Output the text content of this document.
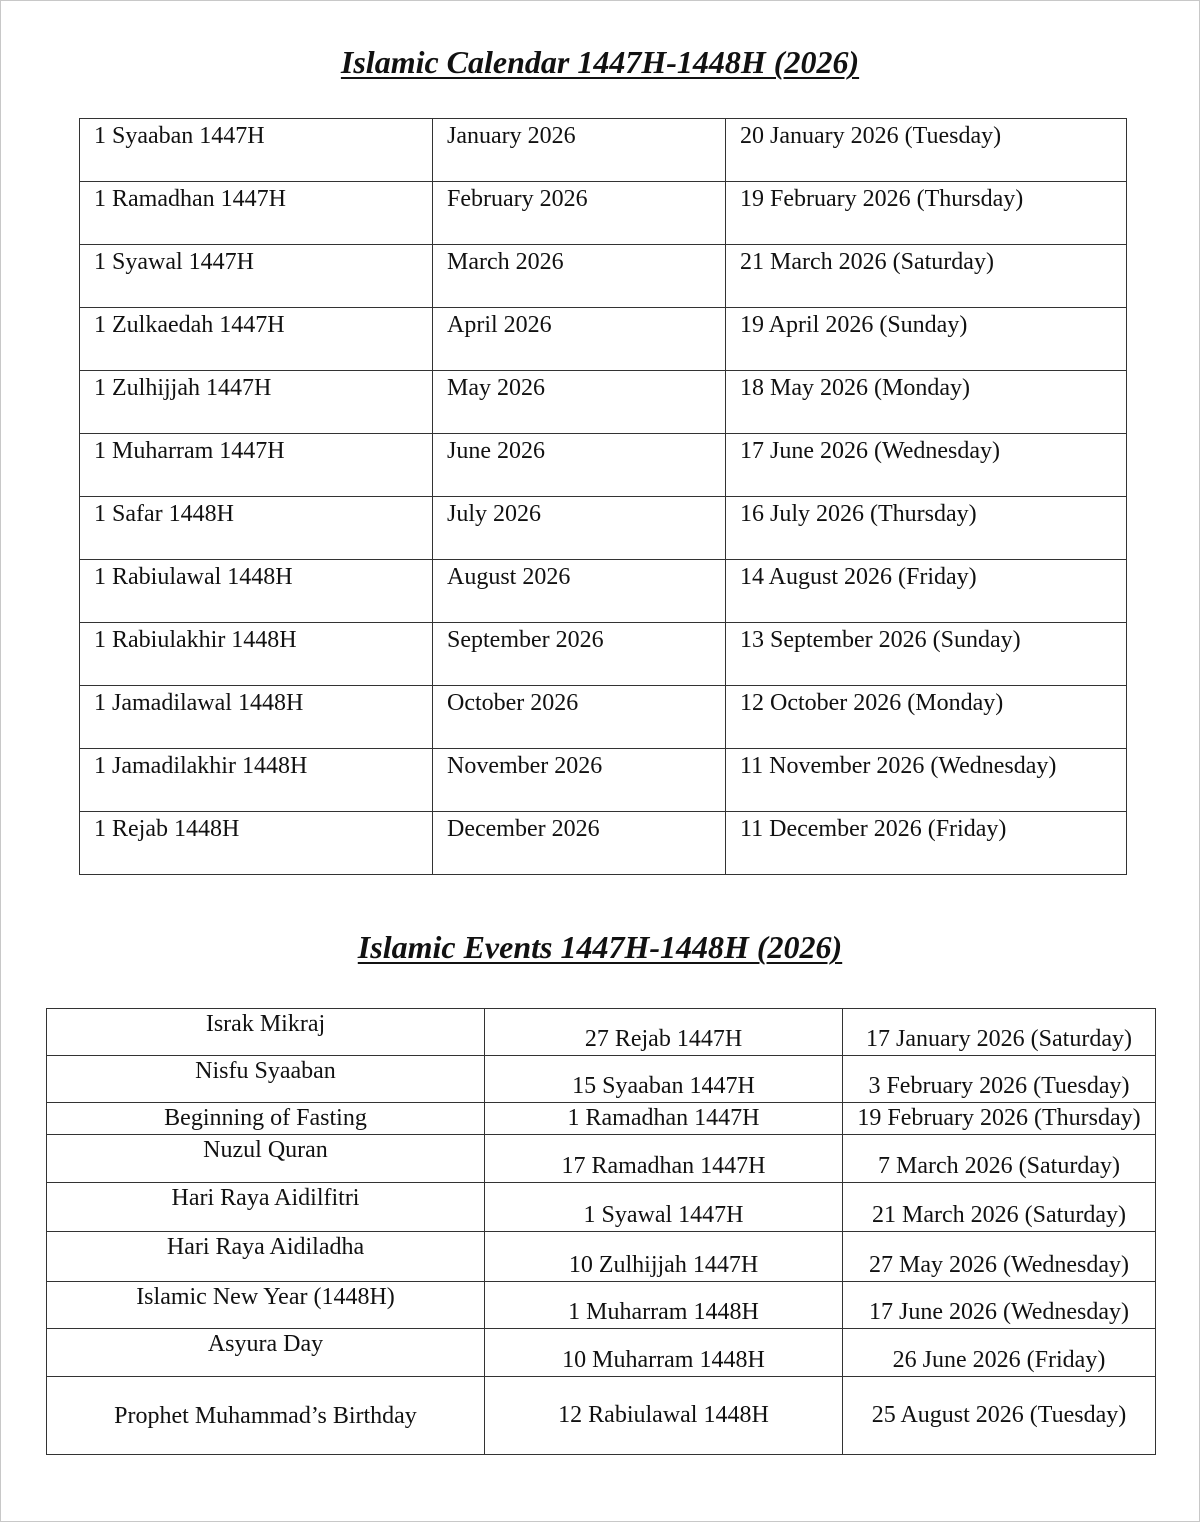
Islamic Calendar 1447H-1448H (2026)
1 Syaaban 1447H	January 2026	20 January 2026 (Tuesday)
1 Ramadhan 1447H	February 2026	19 February 2026 (Thursday)
1 Syawal 1447H	March 2026	21 March 2026 (Saturday)
1 Zulkaedah 1447H	April 2026	19 April 2026 (Sunday)
1 Zulhijjah 1447H	May 2026	18 May 2026 (Monday)
1 Muharram 1447H	June 2026	17 June 2026 (Wednesday)
1 Safar 1448H	July 2026	16 July 2026 (Thursday)
1 Rabiulawal 1448H	August 2026	14 August 2026 (Friday)
1 Rabiulakhir 1448H	September 2026	13 September 2026 (Sunday)
1 Jamadilawal 1448H	October 2026	12 October 2026 (Monday)
1 Jamadilakhir 1448H	November 2026	11 November 2026 (Wednesday)
1 Rejab 1448H	December 2026	11 December 2026 (Friday)
Islamic Events 1447H-1448H (2026)
Israk Mikraj	27 Rejab 1447H	17 January 2026 (Saturday)
Nisfu Syaaban	15 Syaaban 1447H	3 February 2026 (Tuesday)
Beginning of Fasting	1 Ramadhan 1447H	19 February 2026 (Thursday)
Nuzul Quran	17 Ramadhan 1447H	7 March 2026 (Saturday)
Hari Raya Aidilfitri	1 Syawal 1447H	21 March 2026 (Saturday)
Hari Raya Aidiladha	10 Zulhijjah 1447H	27 May 2026 (Wednesday)
Islamic New Year (1448H)	1 Muharram 1448H	17 June 2026 (Wednesday)
Asyura Day	10 Muharram 1448H	26 June 2026 (Friday)
Prophet Muhammad’s Birthday	12 Rabiulawal 1448H	25 August 2026 (Tuesday)
